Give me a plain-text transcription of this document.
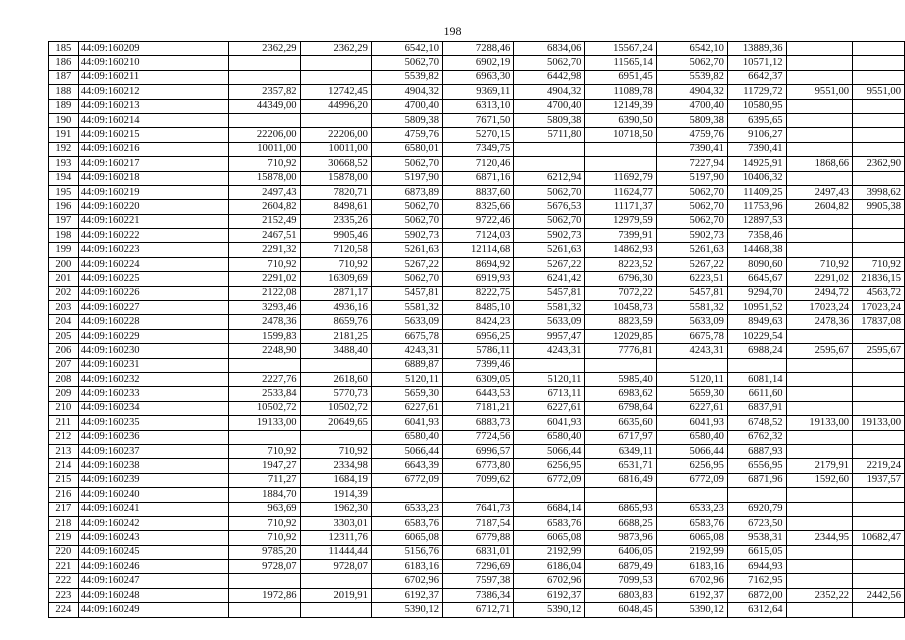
198
185	44:09:160209	2362,29	2362,29	6542,10	7288,46	6834,06	15567,24	6542,10	13889,36		
186	44:09:160210			5062,70	6902,19	5062,70	11565,14	5062,70	10571,12		
187	44:09:160211			5539,82	6963,30	6442,98	6951,45	5539,82	6642,37		
188	44:09:160212	2357,82	12742,45	4904,32	9369,11	4904,32	11089,78	4904,32	11729,72	9551,00	9551,00
189	44:09:160213	44349,00	44996,20	4700,40	6313,10	4700,40	12149,39	4700,40	10580,95		
190	44:09:160214			5809,38	7671,50	5809,38	6390,50	5809,38	6395,65		
191	44:09:160215	22206,00	22206,00	4759,76	5270,15	5711,80	10718,50	4759,76	9106,27		
192	44:09:160216	10011,00	10011,00	6580,01	7349,75			7390,41	7390,41		
193	44:09:160217	710,92	30668,52	5062,70	7120,46			7227,94	14925,91	1868,66	2362,90
194	44:09:160218	15878,00	15878,00	5197,90	6871,16	6212,94	11692,79	5197,90	10406,32		
195	44:09:160219	2497,43	7820,71	6873,89	8837,60	5062,70	11624,77	5062,70	11409,25	2497,43	3998,62
196	44:09:160220	2604,82	8498,61	5062,70	8325,66	5676,53	11171,37	5062,70	11753,96	2604,82	9905,38
197	44:09:160221	2152,49	2335,26	5062,70	9722,46	5062,70	12979,59	5062,70	12897,53		
198	44:09:160222	2467,51	9905,46	5902,73	7124,03	5902,73	7399,91	5902,73	7358,46		
199	44:09:160223	2291,32	7120,58	5261,63	12114,68	5261,63	14862,93	5261,63	14468,38		
200	44:09:160224	710,92	710,92	5267,22	8694,92	5267,22	8223,52	5267,22	8090,60	710,92	710,92
201	44:09:160225	2291,02	16309,69	5062,70	6919,93	6241,42	6796,30	6223,51	6645,67	2291,02	21836,15
202	44:09:160226	2122,08	2871,17	5457,81	8222,75	5457,81	7072,22	5457,81	9294,70	2494,72	4563,72
203	44:09:160227	3293,46	4936,16	5581,32	8485,10	5581,32	10458,73	5581,32	10951,52	17023,24	17023,24
204	44:09:160228	2478,36	8659,76	5633,09	8424,23	5633,09	8823,59	5633,09	8949,63	2478,36	17837,08
205	44:09:160229	1599,83	2181,25	6675,78	6956,25	9957,47	12029,85	6675,78	10229,54		
206	44:09:160230	2248,90	3488,40	4243,31	5786,11	4243,31	7776,81	4243,31	6988,24	2595,67	2595,67
207	44:09:160231			6889,87	7399,46						
208	44:09:160232	2227,76	2618,60	5120,11	6309,05	5120,11	5985,40	5120,11	6081,14		
209	44:09:160233	2533,84	5770,73	5659,30	6443,53	6713,11	6983,62	5659,30	6611,60		
210	44:09:160234	10502,72	10502,72	6227,61	7181,21	6227,61	6798,64	6227,61	6837,91		
211	44:09:160235	19133,00	20649,65	6041,93	6883,73	6041,93	6635,60	6041,93	6748,52	19133,00	19133,00
212	44:09:160236			6580,40	7724,56	6580,40	6717,97	6580,40	6762,32		
213	44:09:160237	710,92	710,92	5066,44	6996,57	5066,44	6349,11	5066,44	6887,93		
214	44:09:160238	1947,27	2334,98	6643,39	6773,80	6256,95	6531,71	6256,95	6556,95	2179,91	2219,24
215	44:09:160239	711,27	1684,19	6772,09	7099,62	6772,09	6816,49	6772,09	6871,96	1592,60	1937,57
216	44:09:160240	1884,70	1914,39								
217	44:09:160241	963,69	1962,30	6533,23	7641,73	6684,14	6865,93	6533,23	6920,79		
218	44:09:160242	710,92	3303,01	6583,76	7187,54	6583,76	6688,25	6583,76	6723,50		
219	44:09:160243	710,92	12311,76	6065,08	6779,88	6065,08	9873,96	6065,08	9538,31	2344,95	10682,47
220	44:09:160245	9785,20	11444,44	5156,76	6831,01	2192,99	6406,05	2192,99	6615,05		
221	44:09:160246	9728,07	9728,07	6183,16	7296,69	6186,04	6879,49	6183,16	6944,93		
222	44:09:160247			6702,96	7597,38	6702,96	7099,53	6702,96	7162,95		
223	44:09:160248	1972,86	2019,91	6192,37	7386,34	6192,37	6803,83	6192,37	6872,00	2352,22	2442,56
224	44:09:160249			5390,12	6712,71	5390,12	6048,45	5390,12	6312,64		
